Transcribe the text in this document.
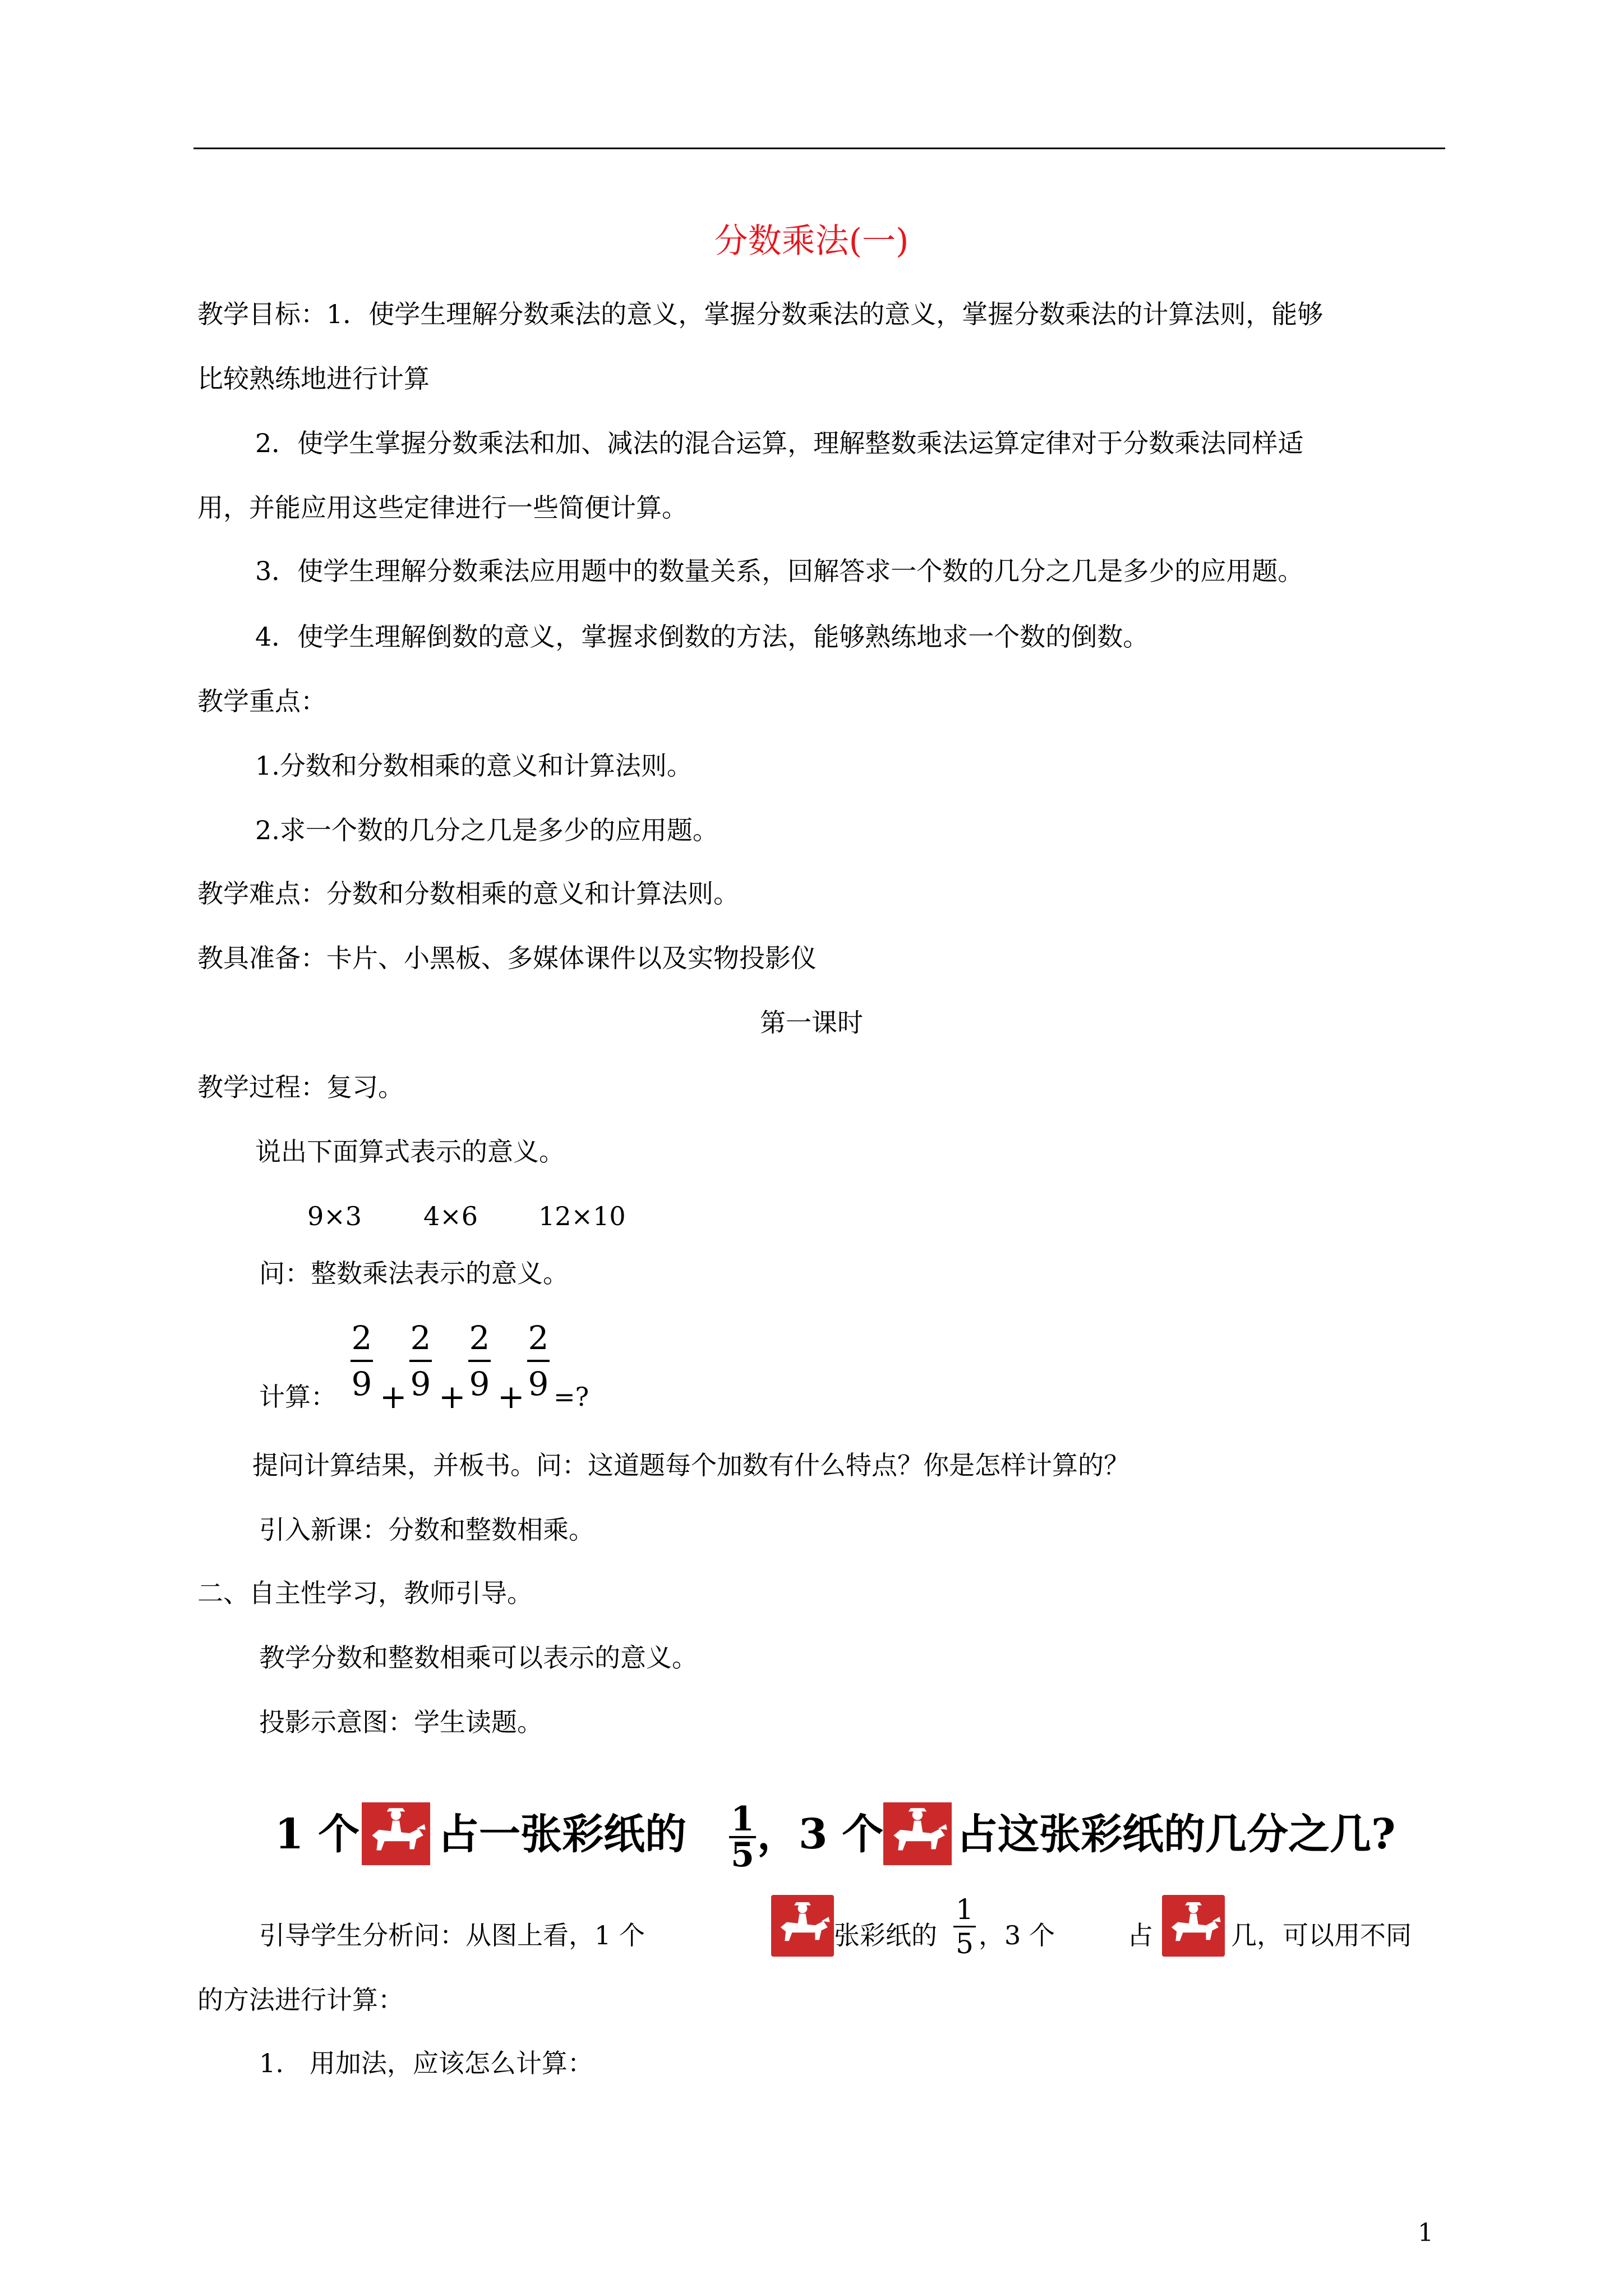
分数乘法(一)
教学目标：1．使学生理解分数乘法的意义，掌握分数乘法的意义，掌握分数乘法的计算法则，能够
比较熟练地进行计算
2．使学生掌握分数乘法和加、减法的混合运算，理解整数乘法运算定律对于分数乘法同样适
用，并能应用这些定律进行一些简便计算。
3．使学生理解分数乘法应用题中的数量关系，回解答求一个数的几分之几是多少的应用题。
4．使学生理解倒数的意义，掌握求倒数的方法，能够熟练地求一个数的倒数。
教学重点：
1.分数和分数相乘的意义和计算法则。
2.求一个数的几分之几是多少的应用题。
教学难点：分数和分数相乘的意义和计算法则。
教具准备：卡片、小黑板、多媒体课件以及实物投影仪
第一课时
教学过程：复习。
说出下面算式表示的意义。
9×3 4×6 12×10
问：整数乘法表示的意义。
计算：
2
9 +
2
9 +
2
9 +
2
9 =?
提问计算结果，并板书。问：这道题每个加数有什么特点？你是怎样计算的？
引入新课：分数和整数相乘。
二、自主性学习，教师引导。
教学分数和整数相乘可以表示的意义。
投影示意图：学生读题。
1 个 占一张彩纸的 1
5 ，3 个 占这张彩纸的几分之几?
引导学生分析问：从图上看，1 个	张彩纸的
1
5 ，3 个	占	几，可以用不同
的方法进行计算：
1.　用加法，应该怎么计算：
1
